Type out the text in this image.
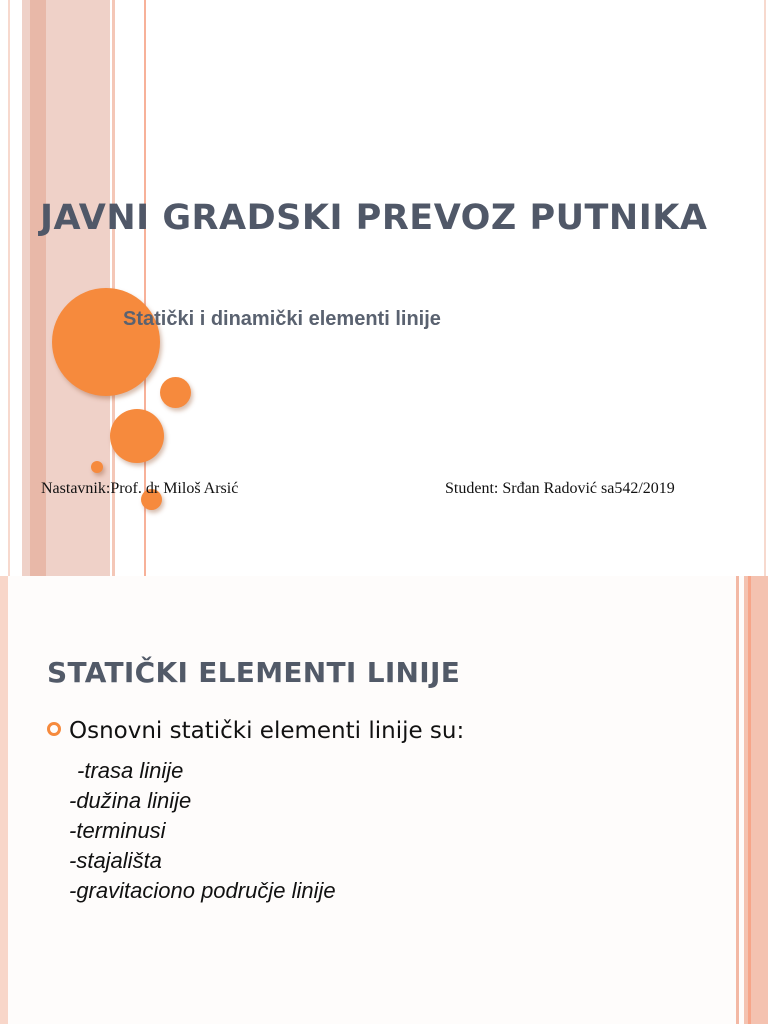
JAVNI GRADSKI PREVOZ PUTNIKA
Statički i dinamički elementi linije

Nastavnik:Prof. dr Miloš Arsić	Student: Srđan Radović sa542/2019

STATIČKI ELEMENTI LINIJE

Osnovni statički elementi linije su:

-trasa linije
-dužina linije
-terminusi
-stajališta
-gravitaciono područje linije
